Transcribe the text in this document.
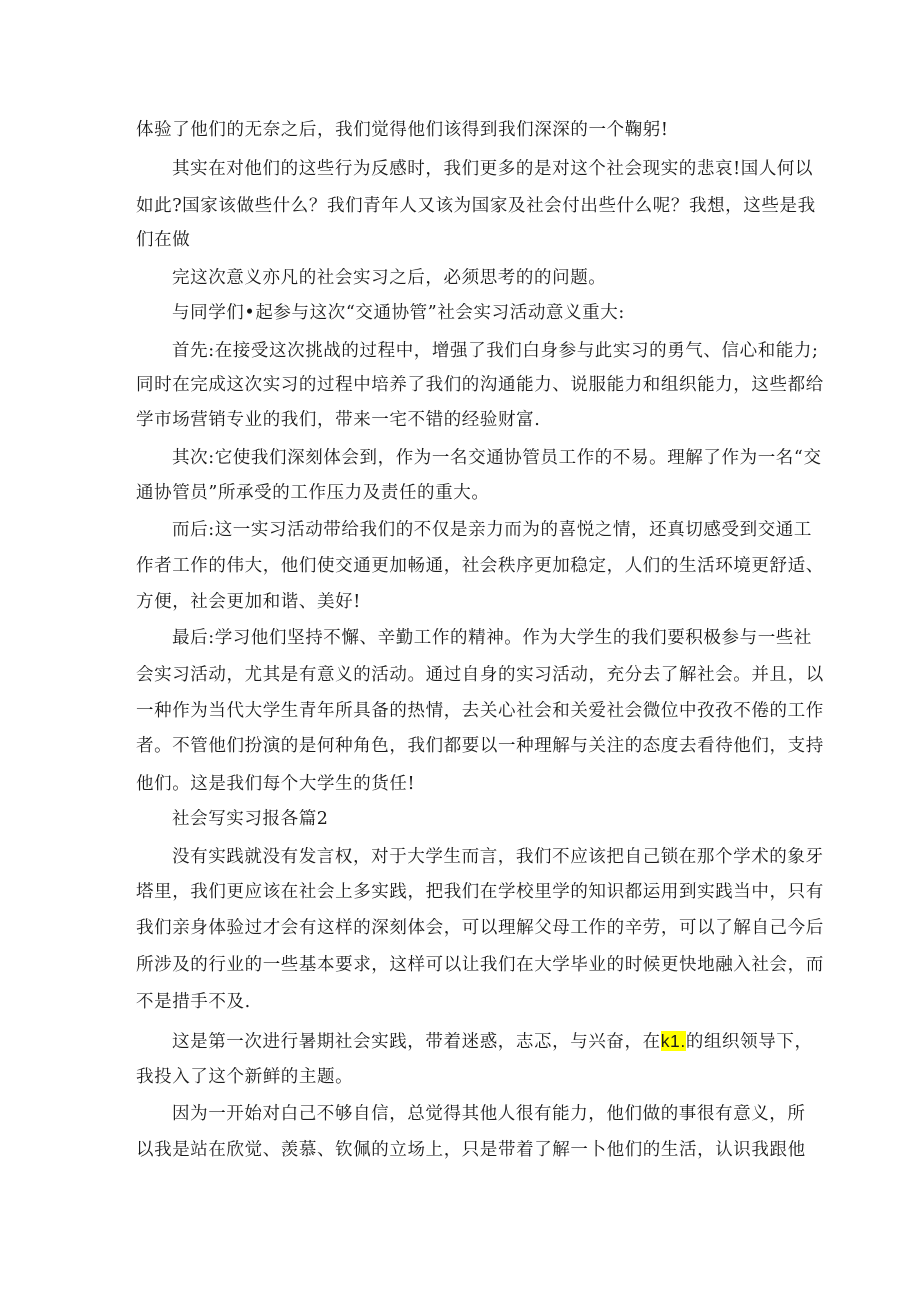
体验了他们的无奈之后，我们觉得他们该得到我们深深的一个鞠躬!
其实在对他们的这些行为反感时，我们更多的是对这个社会现实的悲哀!国人何以
如此?国家该做些什么？我们青年人又该为国家及社会付出些什么呢？我想，这些是我
们在做
完这次意义亦凡的社会实习之后，必须思考的的问题。
与同学们•起参与这次“交通协管”社会实习活动意义重大:
首先:在接受这次挑战的过程中，增强了我们白身参与此实习的勇气、信心和能力;
同时在完成这次实习的过程中培养了我们的沟通能力、说服能力和组织能力，这些都给
学市场营销专业的我们，带来一宅不错的经验财富.
其次:它使我们深刻体会到，作为一名交通协管员工作的不易。理解了作为一名“交
通协管员”所承受的工作压力及责任的重大。
而后:这一实习活动带给我们的不仅是亲力而为的喜悦之情，还真切感受到交通工
作者工作的伟大，他们使交通更加畅通，社会秩序更加稳定，人们的生活环境更舒适、
方便，社会更加和谐、美好!
最后:学习他们坚持不懈、辛勤工作的精神。作为大学生的我们要积极参与一些社
会实习活动，尤其是有意义的活动。通过自身的实习活动，充分去了解社会。并且，以
一种作为当代大学生青年所具备的热情，去关心社会和关爱社会微位中孜孜不倦的工作
者。不管他们扮演的是何种角色，我们都要以一种理解与关注的态度去看待他们，支持
他们。这是我们每个大学生的货任!
社会写实习报各篇2
没有实践就没有发言权，对于大学生而言，我们不应该把自己锁在那个学术的象牙
塔里，我们更应该在社会上多实践，把我们在学校里学的知识都运用到实践当中，只有
我们亲身体验过才会有这样的深刻体会，可以理解父母工作的辛劳，可以了解自己今后
所涉及的行业的一些基本要求，这样可以让我们在大学毕业的时候更快地融入社会，而
不是措手不及.
这是第一次进行暑期社会实践，带着迷惑，志忑，与兴奋，在k1.的组织领导下，
我投入了这个新鲜的主题。
因为一开始对白己不够自信，总觉得其他人很有能力，他们做的事很有意义，所
以我是站在欣觉、羡慕、钦佩的立场上，只是带着了解一卜他们的生活，认识我跟他
